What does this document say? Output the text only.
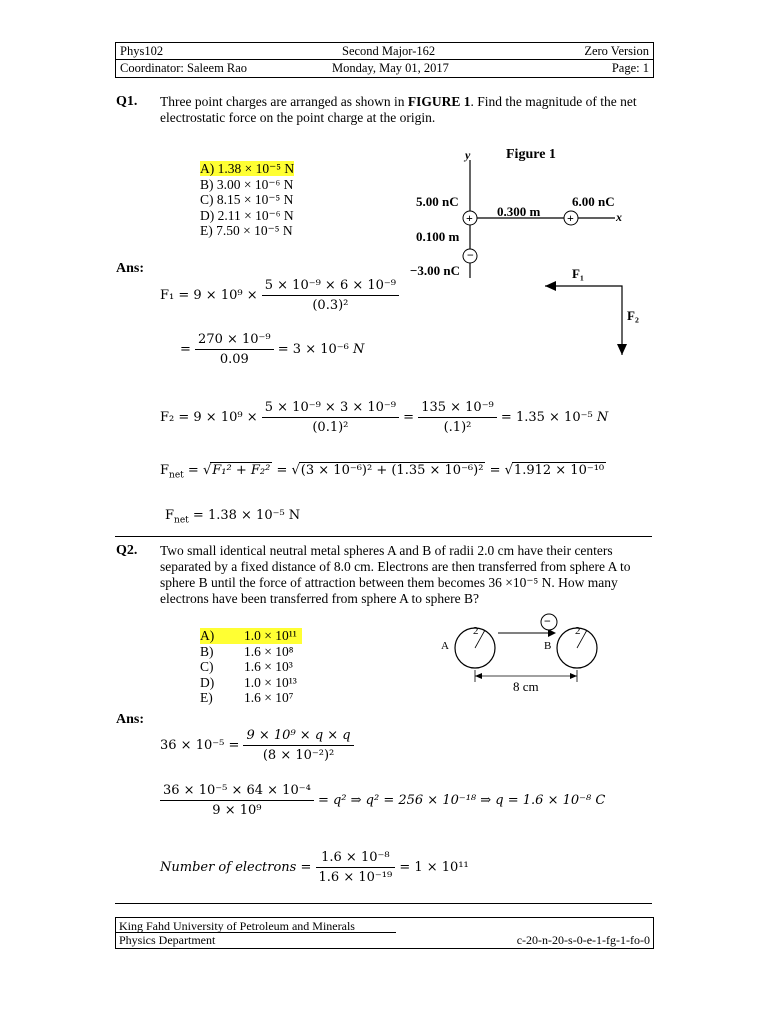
Phys102	Second Major-162	Zero Version
Coordinator: Saleem Rao	Monday, May 01, 2017	Page: 1
Q1. Three point charges are arranged as shown in FIGURE 1. Find the magnitude of the net electrostatic force on the point charge at the origin.
A) 1.38 × 10⁻⁵ N
B) 3.00 × 10⁻⁶ N
C) 8.15 × 10⁻⁵ N
D) 2.11 × 10⁻⁶ N
E) 7.50 × 10⁻⁵ N
Figure 1
y
x
+	+
−
5.00 nC	6.00 nC
0.300 m
0.100 m
−3.00 nC	F₁
F₂
Ans:
$F_1 = 9 \times 10^9 \times \frac{\text{5 × 10⁻⁹ × 6 × 10⁻⁹}}{\text{(0.3)²}}$
= $\frac{\text{270 × 10⁻⁹}}{0.09} = 3 \times 10^{-6}$ N
$F_2 = 9 \times 10^9 \times \frac{\text{5 × 10⁻⁹ × 3 × 10⁻⁹}}{\text{(0.1)²}} = \frac{\text{135 × 10⁻⁹}}{\text{(.1)²}} = 1.35 \times 10^{-5}$ N
$F_{net} = √F_1^2 + F_2^2 = √(3 \times 10^{-6})^2 + (1.35 \times 10^{-6})^2 = √1.912 \times 10^{-10}$
$F_{net} = 1.38 \times 10^{-5}$ N
Q2. Two small identical neutral metal spheres A and B of radii 2.0 cm have their centers
separated by a fixed distance of 8.0 cm. Electrons are then transferred from sphere A to
sphere B until the force of attraction between them becomes 36 ×10⁻⁵ N. How many
electrons have been transferred from sphere A to sphere B?
A) 1.0 × 10¹¹
B) 1.6 × 10⁸
C) 1.6 × 10³
D) 1.0 × 10¹³
E) 1.6 × 10⁷
−
A	B
2	2
8 cm
Ans:
$36 \times 10^{-5} = \frac{\text{9 × 10⁹ × q × q}}{\text{(8 × 10⁻²)²}}$
$\frac{\text{36 × 10⁻⁵ × 64 × 10⁻⁴}}{\text{9 × 10⁹}} = q^2$ ⇒ q² = 256 × 10⁻¹⁸ ⇒ q = 1.6 × 10⁻⁸ C
Number of electrons = $\frac{\text{1.6 × 10⁻⁸}}{\text{1.6 × 10⁻¹⁹}} = 1 \times 10^{11}$
King Fahd University of Petroleum and Minerals
Physics Department	c-20-n-20-s-0-e-1-fg-1-fo-0
